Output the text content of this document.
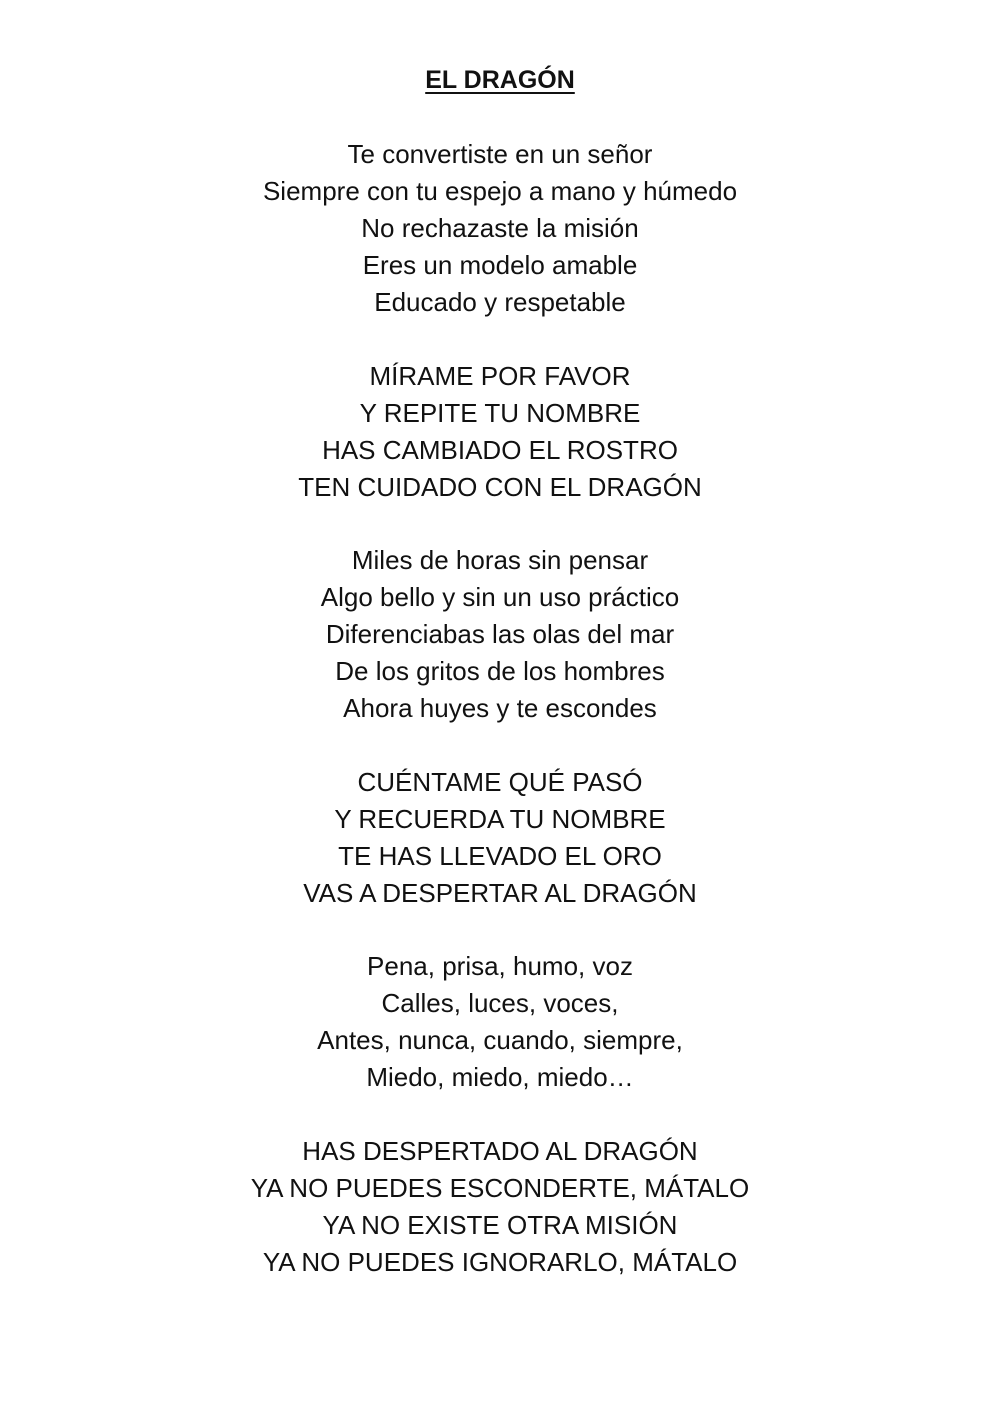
EL DRAGÓN
Te convertiste en un señor
Siempre con tu espejo a mano y húmedo
No rechazaste la misión
Eres un modelo amable
Educado y respetable
MÍRAME POR FAVOR
Y REPITE TU NOMBRE
HAS CAMBIADO EL ROSTRO
TEN CUIDADO CON EL DRAGÓN
Miles de horas sin pensar
Algo bello y sin un uso práctico
Diferenciabas las olas del mar
De los gritos de los hombres
Ahora huyes y te escondes
CUÉNTAME QUÉ PASÓ
Y RECUERDA TU NOMBRE
TE HAS LLEVADO EL ORO
VAS A DESPERTAR AL DRAGÓN
Pena, prisa, humo, voz
Calles, luces, voces,
Antes, nunca, cuando, siempre,
Miedo, miedo, miedo…
HAS DESPERTADO AL DRAGÓN
YA NO PUEDES ESCONDERTE, MÁTALO
YA NO EXISTE OTRA MISIÓN
YA NO PUEDES IGNORARLO, MÁTALO
